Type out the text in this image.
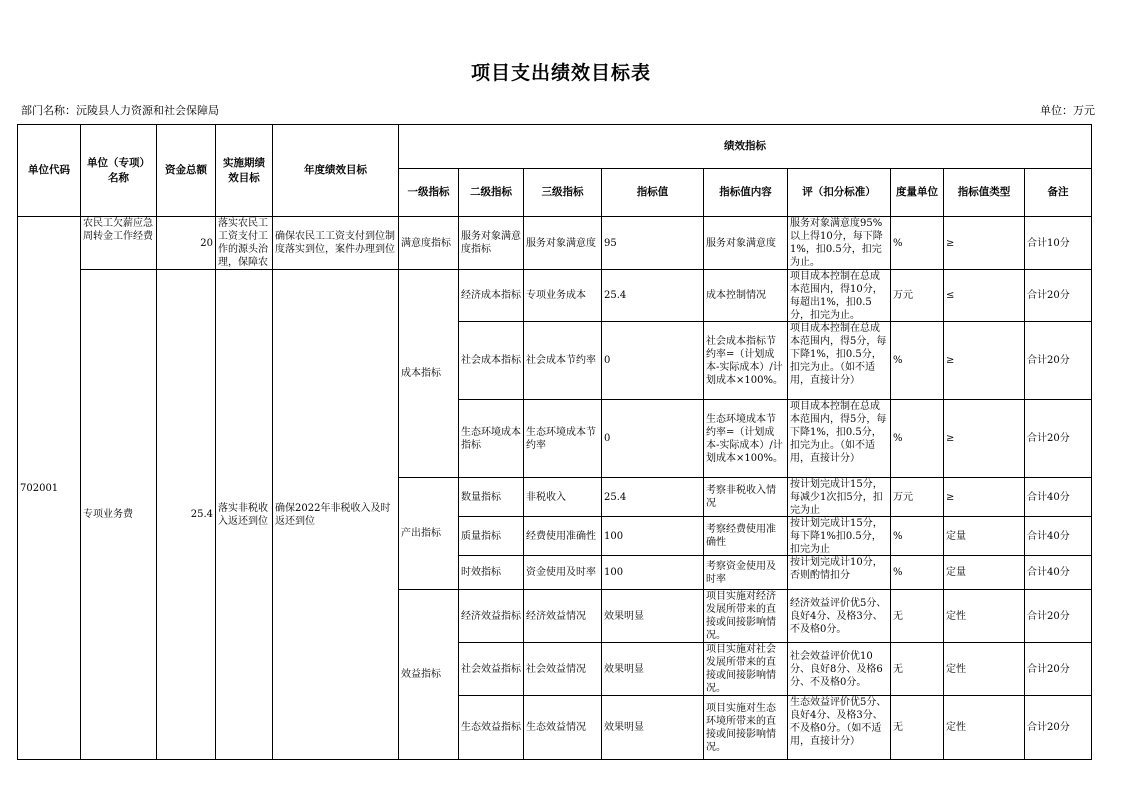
项目支出绩效目标表
部门名称：沅陵县人力资源和社会保障局	单位：万元
单位代码	单位（专项）名称	资金总额	实施期绩效目标	年度绩效目标	绩效指标								
					一级指标	二级指标	三级指标	指标值	指标值内容	评（扣分标准）	度量单位	指标值类型	备注
702001	农民工欠薪应急周转金工作经费	20	落实农民工工资支付工作的源头治理，保障农	确保农民工工资支付到位制度落实到位，案件办理到位	满意度指标	服务对象满意度指标	服务对象满意度	95	服务对象满意度	服务对象满意度95%以上得10分，每下降1%，扣0.5分，扣完为止。	%	≥	合计10分
	专项业务费	25.4	落实非税收入返还到位	确保2022年非税收入及时返还到位	成本指标	经济成本指标	专项业务成本	25.4	成本控制情况	项目成本控制在总成本范围内，得10分，每超出1%，扣0.5分，扣完为止。	万元	≤	合计20分
						社会成本指标	社会成本节约率	0	社会成本指标节约率=（计划成本-实际成本）/计划成本×100%。	项目成本控制在总成本范围内，得5分，每下降1%，扣0.5分，扣完为止。（如不适用，直接计分）	%	≥	合计20分
						生态环境成本指标	生态环境成本节约率	0	生态环境成本节约率=（计划成本-实际成本）/计划成本×100%。	项目成本控制在总成本范围内，得5分，每下降1%，扣0.5分，扣完为止。（如不适用，直接计分）	%	≥	合计20分
					产出指标	数量指标	非税收入	25.4	考察非税收入情况	按计划完成计15分，每减少1次扣5分，扣完为止	万元	≥	合计40分
						质量指标	经费使用准确性	100	考察经费使用准确性	按计划完成计15分，每下降1%扣0.5分，扣完为止	%	定量	合计40分
						时效指标	资金使用及时率	100	考察资金使用及时率	按计划完成计10分，否则酌情扣分	%	定量	合计40分
					效益指标	经济效益指标	经济效益情况	效果明显	项目实施对经济发展所带来的直接或间接影响情况。	经济效益评价优5分、良好4分、及格3分、不及格0分。	无	定性	合计20分
						社会效益指标	社会效益情况	效果明显	项目实施对社会发展所带来的直接或间接影响情况。	社会效益评价优10分、良好8分、及格6分、不及格0分。	无	定性	合计20分
						生态效益指标	生态效益情况	效果明显	项目实施对生态环境所带来的直接或间接影响情况。	生态效益评价优5分、良好4分、及格3分、不及格0分。（如不适用，直接计分）	无	定性	合计20分
